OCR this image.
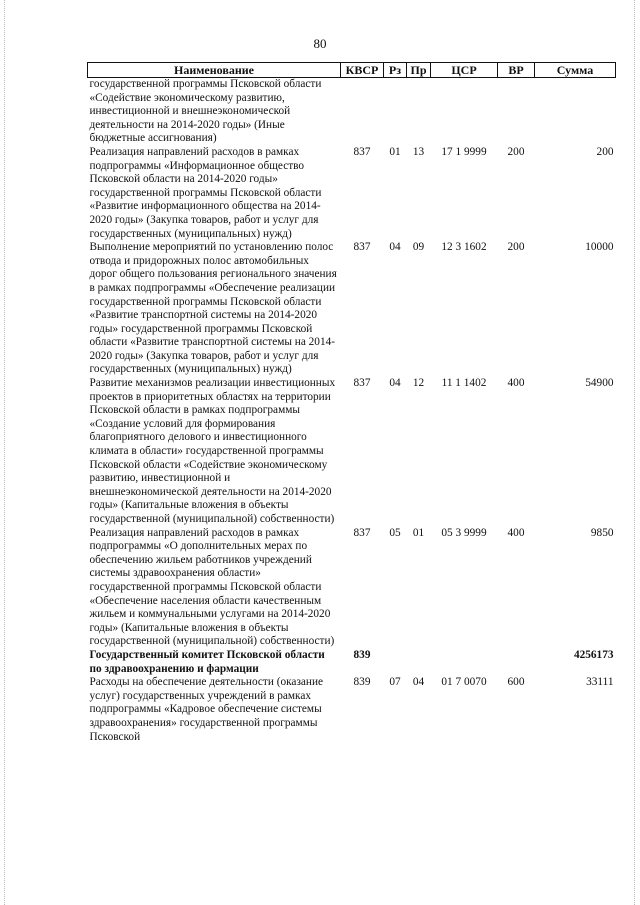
80
Наименование	КВСР	Рз	Пр	ЦСР	ВР	Сумма
государственной программы Псковской области «Содействие экономическому развитию, инвестиционной и внешнеэкономической деятельности на 2014-2020 годы» (Иные бюджетные ассигнования)						
Реализация направлений расходов в рамках подпрограммы «Информационное общество Псковской области на 2014-2020 годы» государственной программы Псковской области «Развитие информационного общества на 2014-2020 годы» (Закупка товаров, работ и услуг для государственных (муниципальных) нужд)	837	01	13	17 1 9999	200	200
Выполнение мероприятий по установлению полос отвода и придорожных полос автомобильных дорог общего пользования регионального значения в рамках подпрограммы «Обеспечение реализации государственной программы Псковской области «Развитие транспортной системы на 2014-2020 годы» государственной программы Псковской области «Развитие транспортной системы на 2014-2020 годы» (Закупка товаров, работ и услуг для государственных (муниципальных) нужд)	837	04	09	12 3 1602	200	10000
Развитие механизмов реализации инвестиционных проектов в приоритетных областях на территории Псковской области в рамках подпрограммы «Создание условий для формирования благоприятного делового и инвестиционного климата в области» государственной программы Псковской области «Содействие экономическому развитию, инвестиционной и внешнеэкономической деятельности на 2014-2020 годы» (Капитальные вложения в объекты государственной (муниципальной) собственности)	837	04	12	11 1 1402	400	54900
Реализация направлений расходов в рамках подпрограммы «О дополнительных мерах по обеспечению жильем работников учреждений системы здравоохранения области» государственной программы Псковской области «Обеспечение населения области качественным жильем и коммунальными услугами на 2014-2020 годы» (Капитальные вложения в объекты государственной (муниципальной) собственности)	837	05	01	05 3 9999	400	9850
Государственный комитет Псковской области по здравоохранению и фармации	839					4256173
Расходы на обеспечение деятельности (оказание услуг) государственных учреждений в рамках подпрограммы «Кадровое обеспечение системы здравоохранения» государственной программы Псковской	839	07	04	01 7 0070	600	33111
